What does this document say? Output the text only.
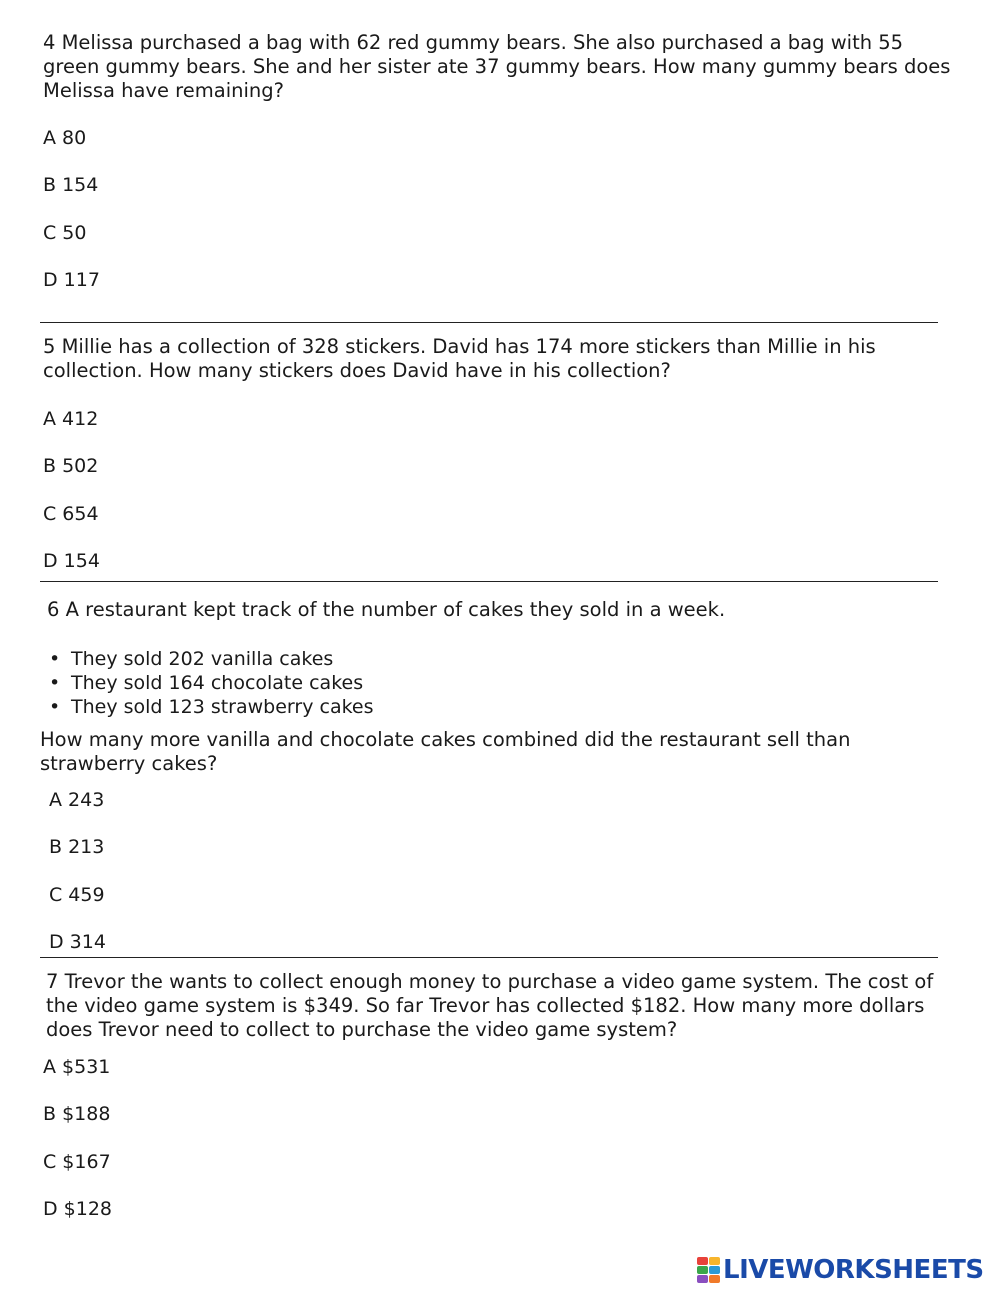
4 Melissa purchased a bag with 62 red gummy bears. She also purchased a bag with 55 green gummy bears. She and her sister ate 37 gummy bears. How many gummy bears does Melissa have remaining?

A 80
B 154
C 50
D 117

5 Millie has a collection of 328 stickers. David has 174 more stickers than Millie in his collection. How many stickers does David have in his collection?

A 412
B 502
C 654
D 154

6 A restaurant kept track of the number of cakes they sold in a week.

• They sold 202 vanilla cakes
• They sold 164 chocolate cakes
• They sold 123 strawberry cakes

How many more vanilla and chocolate cakes combined did the restaurant sell than strawberry cakes?

A 243
B 213
C 459
D 314

7 Trevor the wants to collect enough money to purchase a video game system. The cost of the video game system is $349. So far Trevor has collected $182. How many more dollars does Trevor need to collect to purchase the video game system?

A $531
B $188
C $167
D $128
LIVEWORKSHEETS
